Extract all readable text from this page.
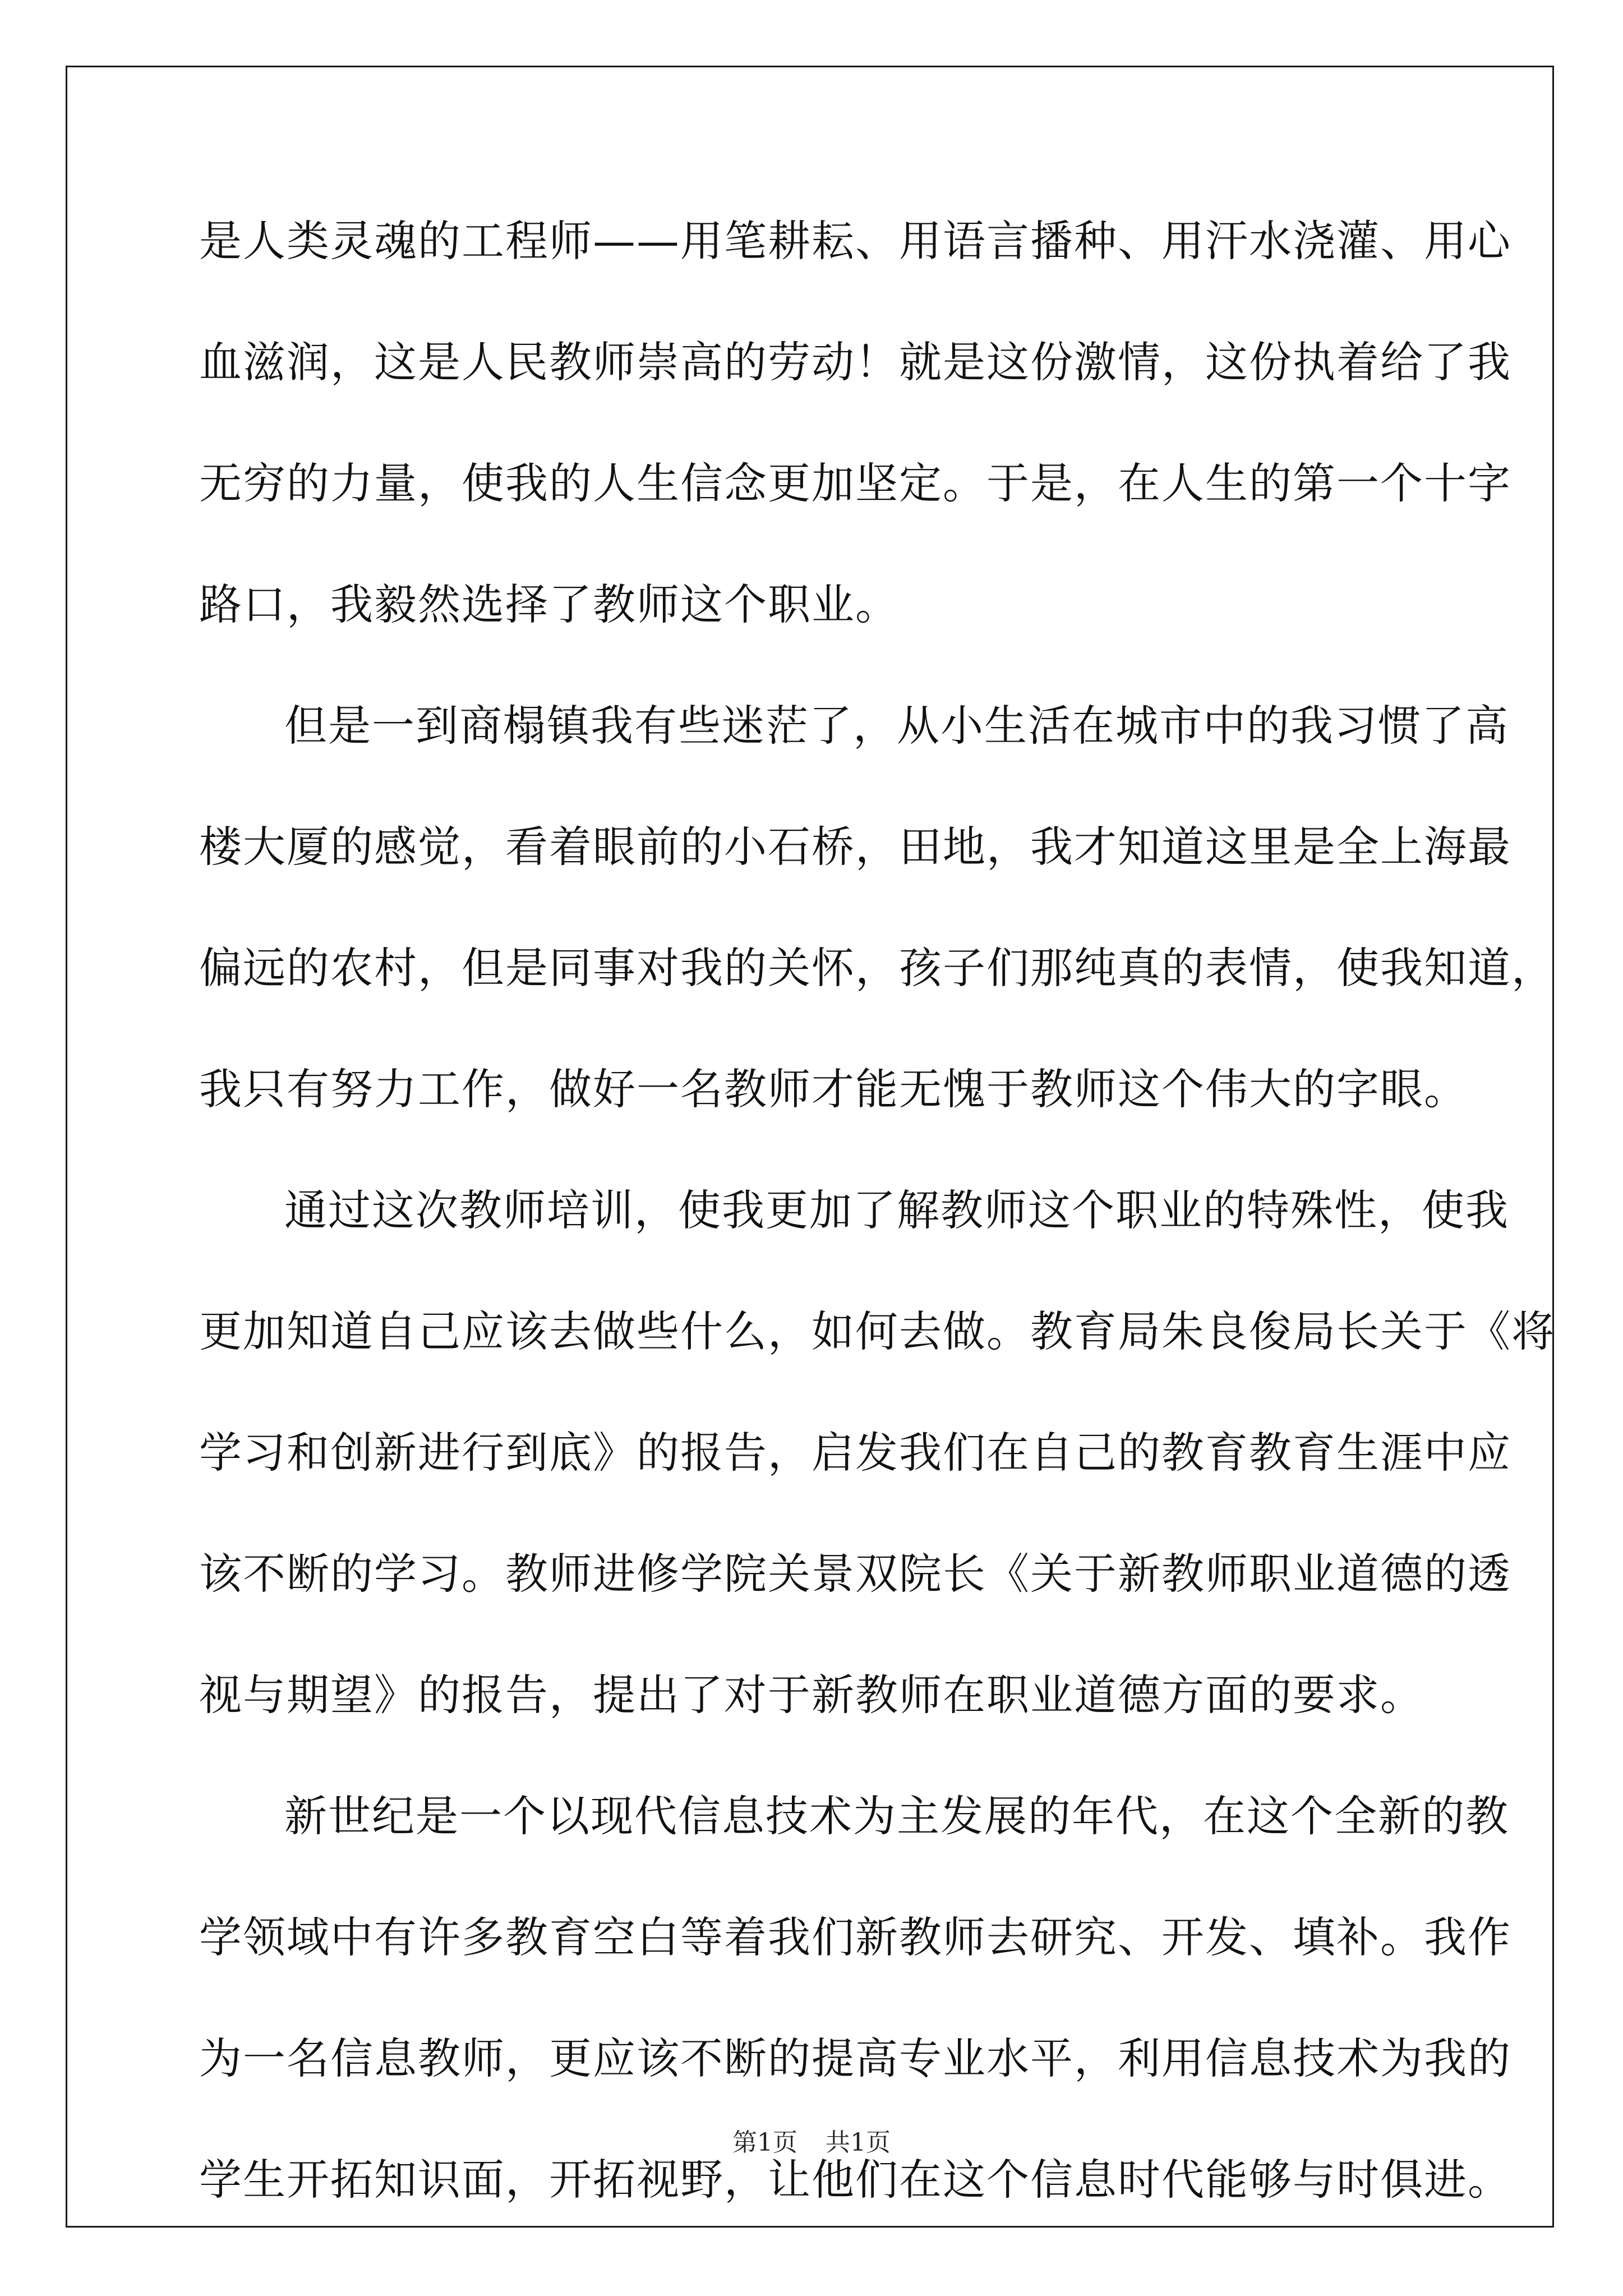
是人类灵魂的工程师——用笔耕耘、用语言播种、用汗水浇灌、用心
血滋润，这是人民教师崇高的劳动！就是这份激情，这份执着给了我
无穷的力量，使我的人生信念更加坚定。于是，在人生的第一个十字
路口，我毅然选择了教师这个职业。
但是一到商榻镇我有些迷茫了，从小生活在城市中的我习惯了高
楼大厦的感觉，看着眼前的小石桥，田地，我才知道这里是全上海最
偏远的农村，但是同事对我的关怀，孩子们那纯真的表情，使我知道，
我只有努力工作，做好一名教师才能无愧于教师这个伟大的字眼。
通过这次教师培训，使我更加了解教师这个职业的特殊性，使我
更加知道自己应该去做些什么，如何去做。教育局朱良俊局长关于《将
学习和创新进行到底》的报告，启发我们在自己的教育教育生涯中应
该不断的学习。教师进修学院关景双院长《关于新教师职业道德的透
视与期望》的报告，提出了对于新教师在职业道德方面的要求。
新世纪是一个以现代信息技术为主发展的年代，在这个全新的教
学领域中有许多教育空白等着我们新教师去研究、开发、填补。我作
为一名信息教师，更应该不断的提高专业水平，利用信息技术为我的
学生开拓知识面，开拓视野，让他们在这个信息时代能够与时俱进。
第1页 共1页
